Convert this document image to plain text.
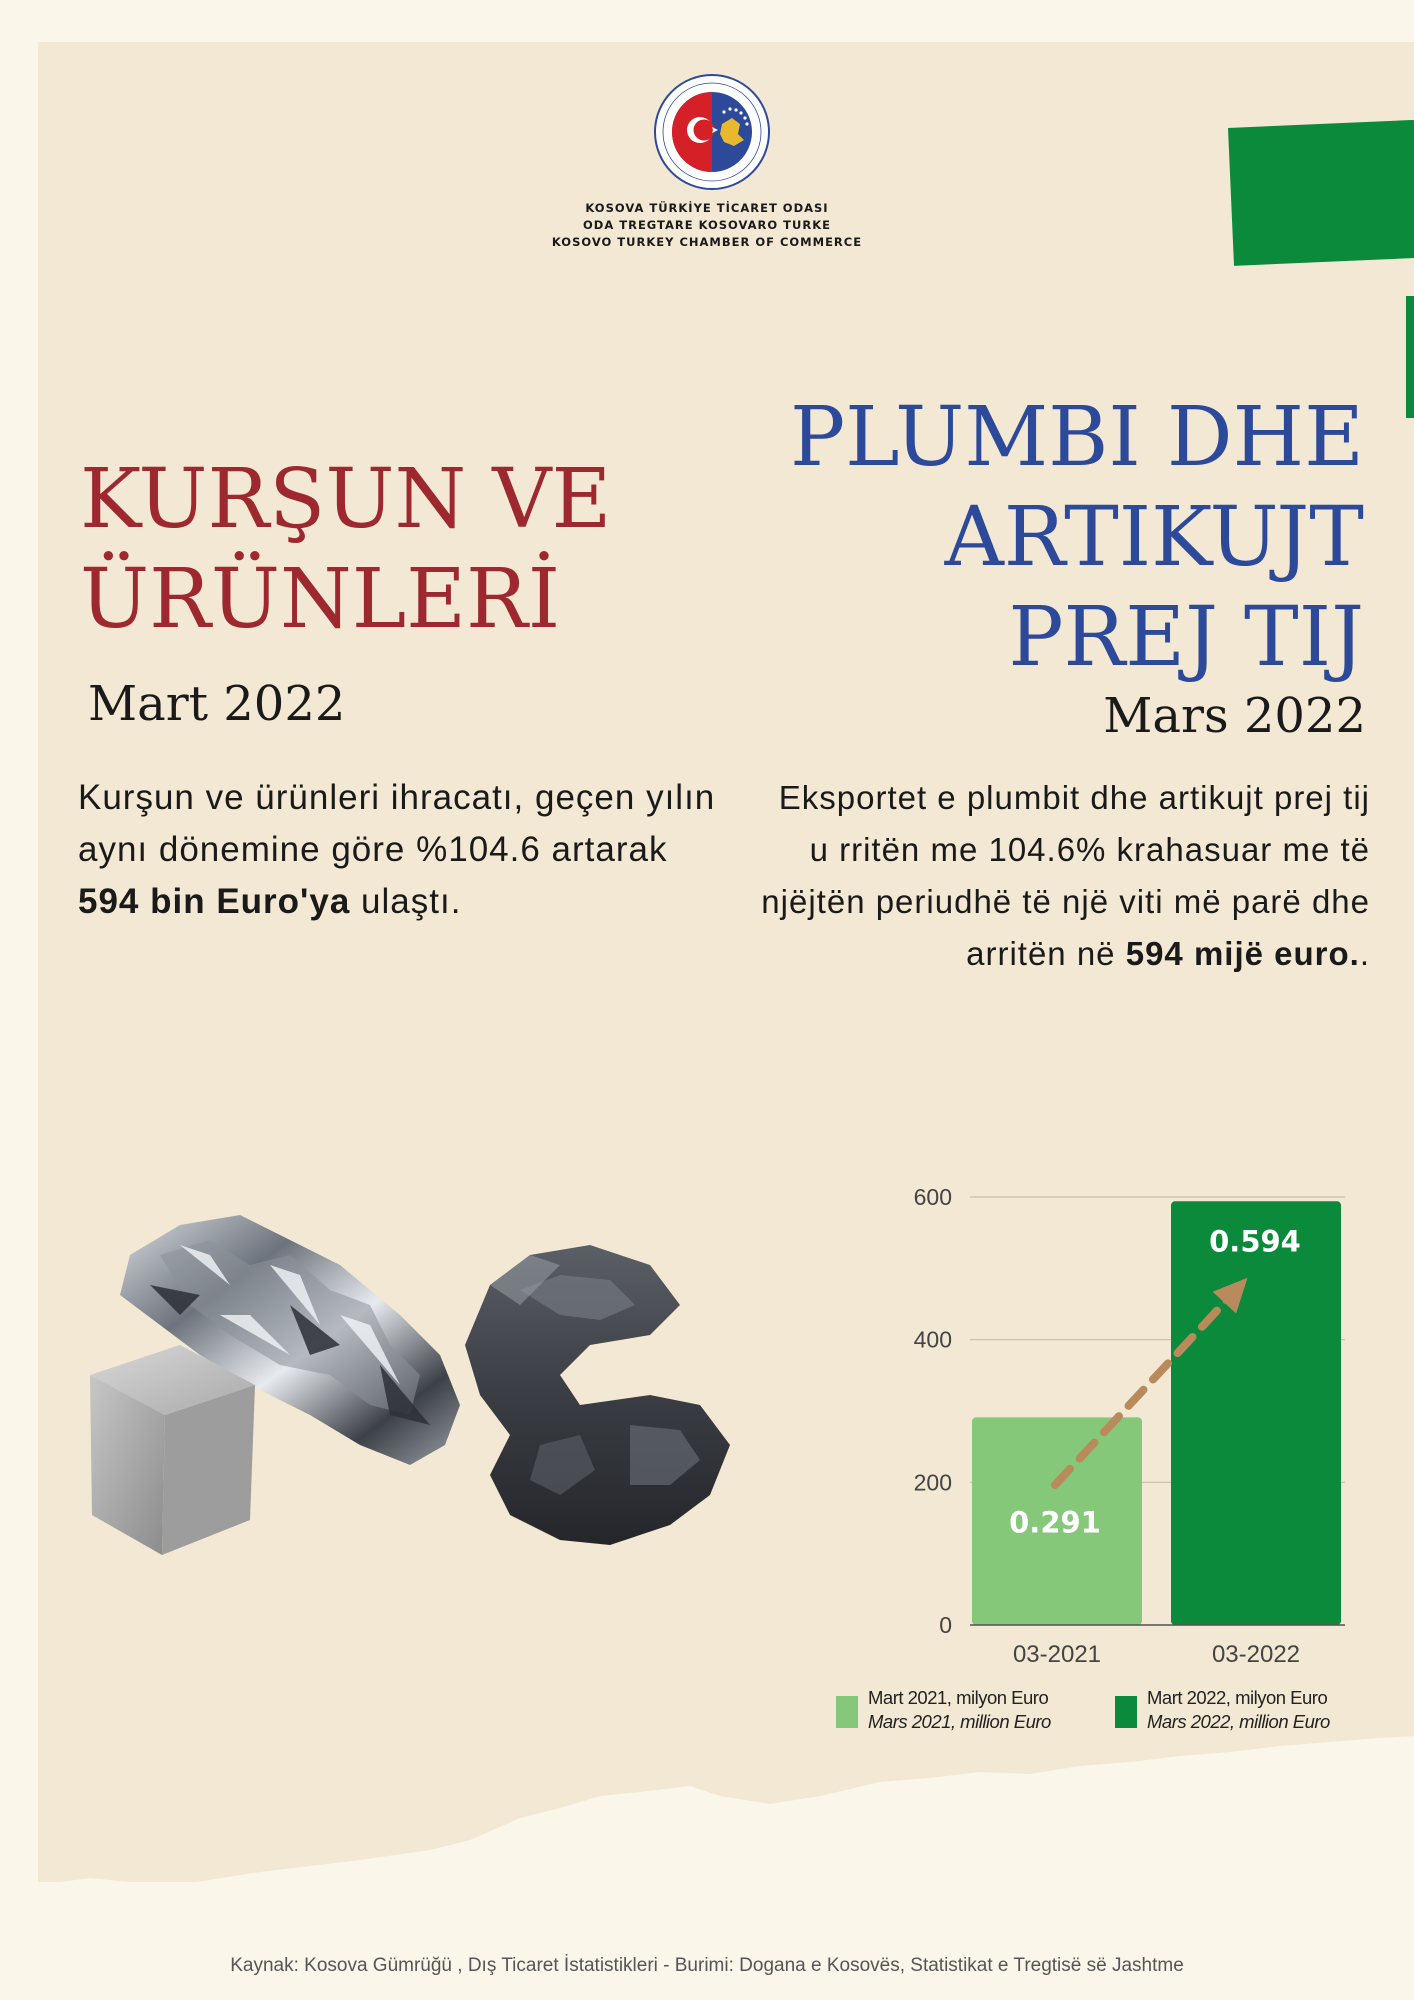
KOSOVA TÜRKİYE TİCARET ODASI
ODA TREGTARE KOSOVARO TURKE
KOSOVO TURKEY CHAMBER OF COMMERCE
KURŞUN VE
ÜRÜNLERİ
PLUMBI DHE
ARTIKUJT
PREJ TIJ
Mart 2022	Mars 2022
Kurşun ve ürünleri ihracatı, geçen yılın aynı dönemine göre %104.6 artarak 594 bin Euro'ya ulaştı.
Eksportet e plumbit dhe artikujt prej tij u rritën me 104.6% krahasuar me të njëjtën periudhë të një viti më parë dhe arritën në 594 mijë euro..
0
200
400
600
03-2021	03-2022
0.291
0.594
Mart 2021, milyon Euro
Mars 2021, million Euro
Mart 2022, milyon Euro
Mars 2022, million Euro
Kaynak: Kosova Gümrüğü , Dış Ticaret İstatistikleri - Burimi: Dogana e Kosovës, Statistikat e Tregtisë së Jashtme
